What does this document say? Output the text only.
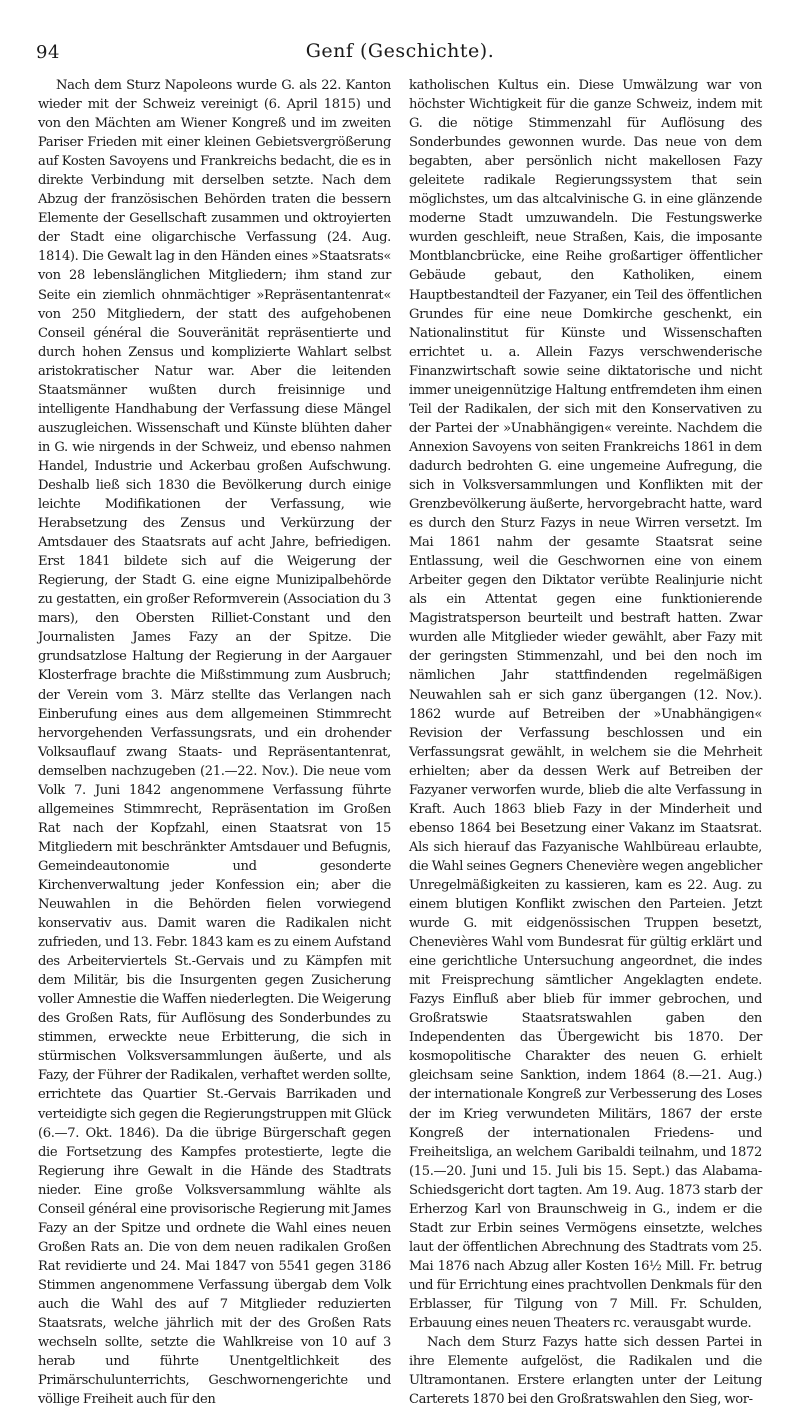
94	Genf (Geschichte).

Nach dem Sturz Napoleons wurde G. als 22. Kanton wieder mit der Schweiz vereinigt (6. April 1815) und von den Mächten am Wiener Kongreß und im zweiten Pariser Frieden mit einer kleinen Gebietsvergrößerung auf Kosten Savoyens und Frankreichs bedacht, die es in direkte Verbindung mit derselben setzte. Nach dem Abzug der französischen Behörden traten die bessern Elemente der Gesellschaft zusammen und oktroyierten der Stadt eine oligarchische Verfassung (24. Aug. 1814). Die Gewalt lag in den Händen eines »Staatsrats« von 28 lebenslänglichen Mitgliedern; ihm stand zur Seite ein ziemlich ohnmächtiger »Repräsentantenrat« von 250 Mitgliedern, der statt des aufgehobenen Conseil général die Souveränität repräsentierte und durch hohen Zensus und komplizierte Wahlart selbst aristokratischer Natur war. Aber die leitenden Staatsmänner wußten durch freisinnige und intelligente Handhabung der Verfassung diese Mängel auszugleichen. Wissenschaft und Künste blühten daher in G. wie nirgends in der Schweiz, und ebenso nahmen Handel, Industrie und Ackerbau großen Aufschwung. Deshalb ließ sich 1830 die Bevölkerung durch einige leichte Modifikationen der Verfassung, wie Herabsetzung des Zensus und Verkürzung der Amtsdauer des Staatsrats auf acht Jahre, befriedigen. Erst 1841 bildete sich auf die Weigerung der Regierung, der Stadt G. eine eigne Munizipalbehörde zu gestatten, ein großer Reformverein (Association du 3 mars), den Obersten Rilliet-Constant und den Journalisten James Fazy an der Spitze. Die grundsatzlose Haltung der Regierung in der Aargauer Klosterfrage brachte die Mißstimmung zum Ausbruch; der Verein vom 3. März stellte das Verlangen nach Einberufung eines aus dem allgemeinen Stimmrecht hervorgehenden Verfassungsrats, und ein drohender Volksauflauf zwang Staats- und Repräsentantenrat, demselben nachzugeben (21.—22. Nov.). Die neue vom Volk 7. Juni 1842 angenommene Verfassung führte allgemeines Stimmrecht, Repräsentation im Großen Rat nach der Kopfzahl, einen Staatsrat von 15 Mitgliedern mit beschränkter Amtsdauer und Befugnis, Gemeindeautonomie und gesonderte Kirchenverwaltung jeder Konfession ein; aber die Neuwahlen in die Behörden fielen vorwiegend konservativ aus. Damit waren die Radikalen nicht zufrieden, und 13. Febr. 1843 kam es zu einem Aufstand des Arbeiterviertels St.-Gervais und zu Kämpfen mit dem Militär, bis die Insurgenten gegen Zusicherung voller Amnestie die Waffen niederlegten. Die Weigerung des Großen Rats, für Auflösung des Sonderbundes zu stimmen, erweckte neue Erbitterung, die sich in stürmischen Volksversammlungen äußerte, und als Fazy, der Führer der Radikalen, verhaftet werden sollte, errichtete das Quartier St.-Gervais Barrikaden und verteidigte sich gegen die Regierungstruppen mit Glück (6.—7. Okt. 1846). Da die übrige Bürgerschaft gegen die Fortsetzung des Kampfes protestierte, legte die Regierung ihre Gewalt in die Hände des Stadtrats nieder. Eine große Volksversammlung wählte als Conseil général eine provisorische Regierung mit James Fazy an der Spitze und ordnete die Wahl eines neuen Großen Rats an. Die von dem neuen radikalen Großen Rat revidierte und 24. Mai 1847 von 5541 gegen 3186 Stimmen angenommene Verfassung übergab dem Volk auch die Wahl des auf 7 Mitglieder reduzierten Staatsrats, welche jährlich mit der des Großen Rats wechseln sollte, setzte die Wahlkreise von 10 auf 3 herab und führte Unentgeltlichkeit des Primärschulunterrichts, Geschwornengerichte und völlige Freiheit auch für den

katholischen Kultus ein. Diese Umwälzung war von höchster Wichtigkeit für die ganze Schweiz, indem mit G. die nötige Stimmenzahl für Auflösung des Sonderbundes gewonnen wurde. Das neue von dem begabten, aber persönlich nicht makellosen Fazy geleitete radikale Regierungssystem that sein möglichstes, um das altcalvinische G. in eine glänzende moderne Stadt umzuwandeln. Die Festungswerke wurden geschleift, neue Straßen, Kais, die imposante Montblancbrücke, eine Reihe großartiger öffentlicher Gebäude gebaut, den Katholiken, einem Hauptbestandteil der Fazyaner, ein Teil des öffentlichen Grundes für eine neue Domkirche geschenkt, ein Nationalinstitut für Künste und Wissenschaften errichtet u. a. Allein Fazys verschwenderische Finanzwirtschaft sowie seine diktatorische und nicht immer uneigennützige Haltung entfremdeten ihm einen Teil der Radikalen, der sich mit den Konservativen zu der Partei der »Unabhängigen« vereinte. Nachdem die Annexion Savoyens von seiten Frankreichs 1861 in dem dadurch bedrohten G. eine ungemeine Aufregung, die sich in Volksversammlungen und Konflikten mit der Grenzbevölkerung äußerte, hervorgebracht hatte, ward es durch den Sturz Fazys in neue Wirren versetzt. Im Mai 1861 nahm der gesamte Staatsrat seine Entlassung, weil die Geschwornen eine von einem Arbeiter gegen den Diktator verübte Realinjurie nicht als ein Attentat gegen eine funktionierende Magistratsperson beurteilt und bestraft hatten. Zwar wurden alle Mitglieder wieder gewählt, aber Fazy mit der geringsten Stimmenzahl, und bei den noch im nämlichen Jahr stattfindenden regelmäßigen Neuwahlen sah er sich ganz übergangen (12. Nov.). 1862 wurde auf Betreiben der »Unabhängigen« Revision der Verfassung beschlossen und ein Verfassungsrat gewählt, in welchem sie die Mehrheit erhielten; aber da dessen Werk auf Betreiben der Fazyaner verworfen wurde, blieb die alte Verfassung in Kraft. Auch 1863 blieb Fazy in der Minderheit und ebenso 1864 bei Besetzung einer Vakanz im Staatsrat. Als sich hierauf das Fazyanische Wahlbüreau erlaubte, die Wahl seines Gegners Chenevière wegen angeblicher Unregelmäßigkeiten zu kassieren, kam es 22. Aug. zu einem blutigen Konflikt zwischen den Parteien. Jetzt wurde G. mit eidgenössischen Truppen besetzt, Chenevières Wahl vom Bundesrat für gültig erklärt und eine gerichtliche Untersuchung angeordnet, die indes mit Freisprechung sämtlicher Angeklagten endete. Fazys Einfluß aber blieb für immer gebrochen, und Großratswie Staatsratswahlen gaben den Independenten das Übergewicht bis 1870. Der kosmopolitische Charakter des neuen G. erhielt gleichsam seine Sanktion, indem 1864 (8.—21. Aug.) der internationale Kongreß zur Verbesserung des Loses der im Krieg verwundeten Militärs, 1867 der erste Kongreß der internationalen Friedens- und Freiheitsliga, an welchem Garibaldi teilnahm, und 1872 (15.—20. Juni und 15. Juli bis 15. Sept.) das Alabama-Schiedsgericht dort tagten. Am 19. Aug. 1873 starb der Erherzog Karl von Braunschweig in G., indem er die Stadt zur Erbin seines Vermögens einsetzte, welches laut der öffentlichen Abrechnung des Stadtrats vom 25. Mai 1876 nach Abzug aller Kosten 16½ Mill. Fr. betrug und für Errichtung eines prachtvollen Denkmals für den Erblasser, für Tilgung von 7 Mill. Fr. Schulden, Erbauung eines neuen Theaters rc. verausgabt wurde.

Nach dem Sturz Fazys hatte sich dessen Partei in ihre Elemente aufgelöst, die Radikalen und die Ultramontanen. Erstere erlangten unter der Leitung Carterets 1870 bei den Großratswahlen den Sieg, wor-
